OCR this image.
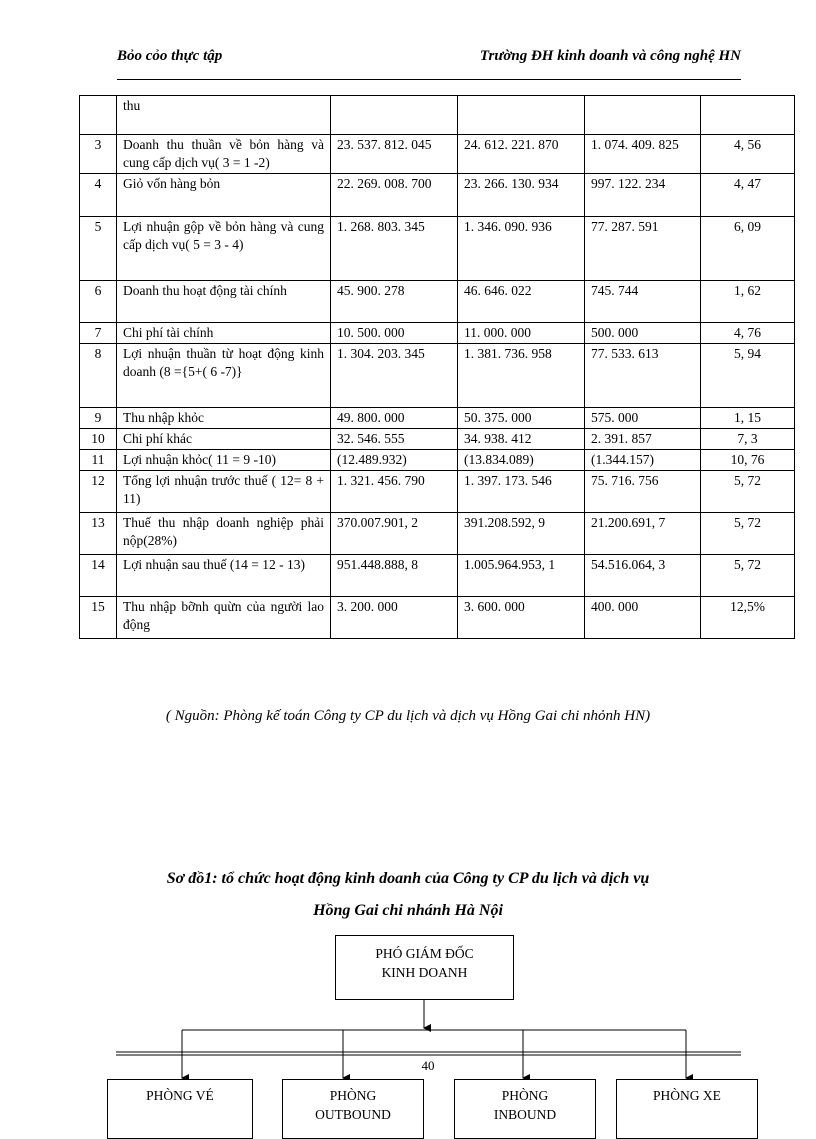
Bỏo cỏo thực tập	Trường ĐH kinh doanh và công nghệ HN
	thu				
3	Doanh thu thuần về bỏn hàng và cung cấp dịch vụ( 3 = 1 -2)	23. 537. 812. 045	24. 612. 221. 870	1. 074. 409. 825	4, 56
4	Giỏ vốn hàng bỏn	22. 269. 008. 700	23. 266. 130. 934	997. 122. 234	4, 47
5	Lợi nhuận gộp về bỏn hàng và cung cấp dịch vụ( 5 = 3 - 4)	1. 268. 803. 345	1. 346. 090. 936	77. 287. 591	6, 09
6	Doanh thu hoạt động tài chính	45. 900. 278	46. 646. 022	745. 744	1, 62
7	Chi phí tài chính	10. 500. 000	11. 000. 000	500. 000	4, 76
8	Lợi nhuận thuần từ hoạt động kinh doanh (8 ={5+( 6 -7)}	1. 304. 203. 345	1. 381. 736. 958	77. 533. 613	5, 94
9	Thu nhập khỏc	49. 800. 000	50. 375. 000	575. 000	1, 15
10	Chi phí khác	32. 546. 555	34. 938. 412	2. 391. 857	7, 3
11	Lợi nhuận khỏc( 11 = 9 -10)	(12.489.932)	(13.834.089)	(1.344.157)	10, 76
12	Tổng lợi nhuận trước thuế ( 12= 8 + 11)	1. 321. 456. 790	1. 397. 173. 546	75. 716. 756	5, 72
13	Thuế thu nhập doanh nghiệp phải nộp(28%)	370.007.901, 2	391.208.592, 9	21.200.691, 7	5, 72
14	Lợi nhuận sau thuế (14 = 12 - 13)	951.448.888, 8	1.005.964.953, 1	54.516.064, 3	5, 72
15	Thu nhập bỡnh quừn của người lao động	3. 200. 000	3. 600. 000	400. 000	12,5%
( Nguồn: Phòng kế toán Công ty CP du lịch và dịch vụ Hồng Gai chi nhỏnh HN)
Sơ đồ1: tổ chức hoạt động kinh doanh của Công ty CP du lịch và dịch vụ
Hồng Gai chi nhánh Hà Nội
PHÓ GIÁM ĐỐC
KINH DOANH
40
PHÒNG VÉ	PHÒNG
OUTBOUND
PHÒNG
INBOUND
PHÒNG XE
